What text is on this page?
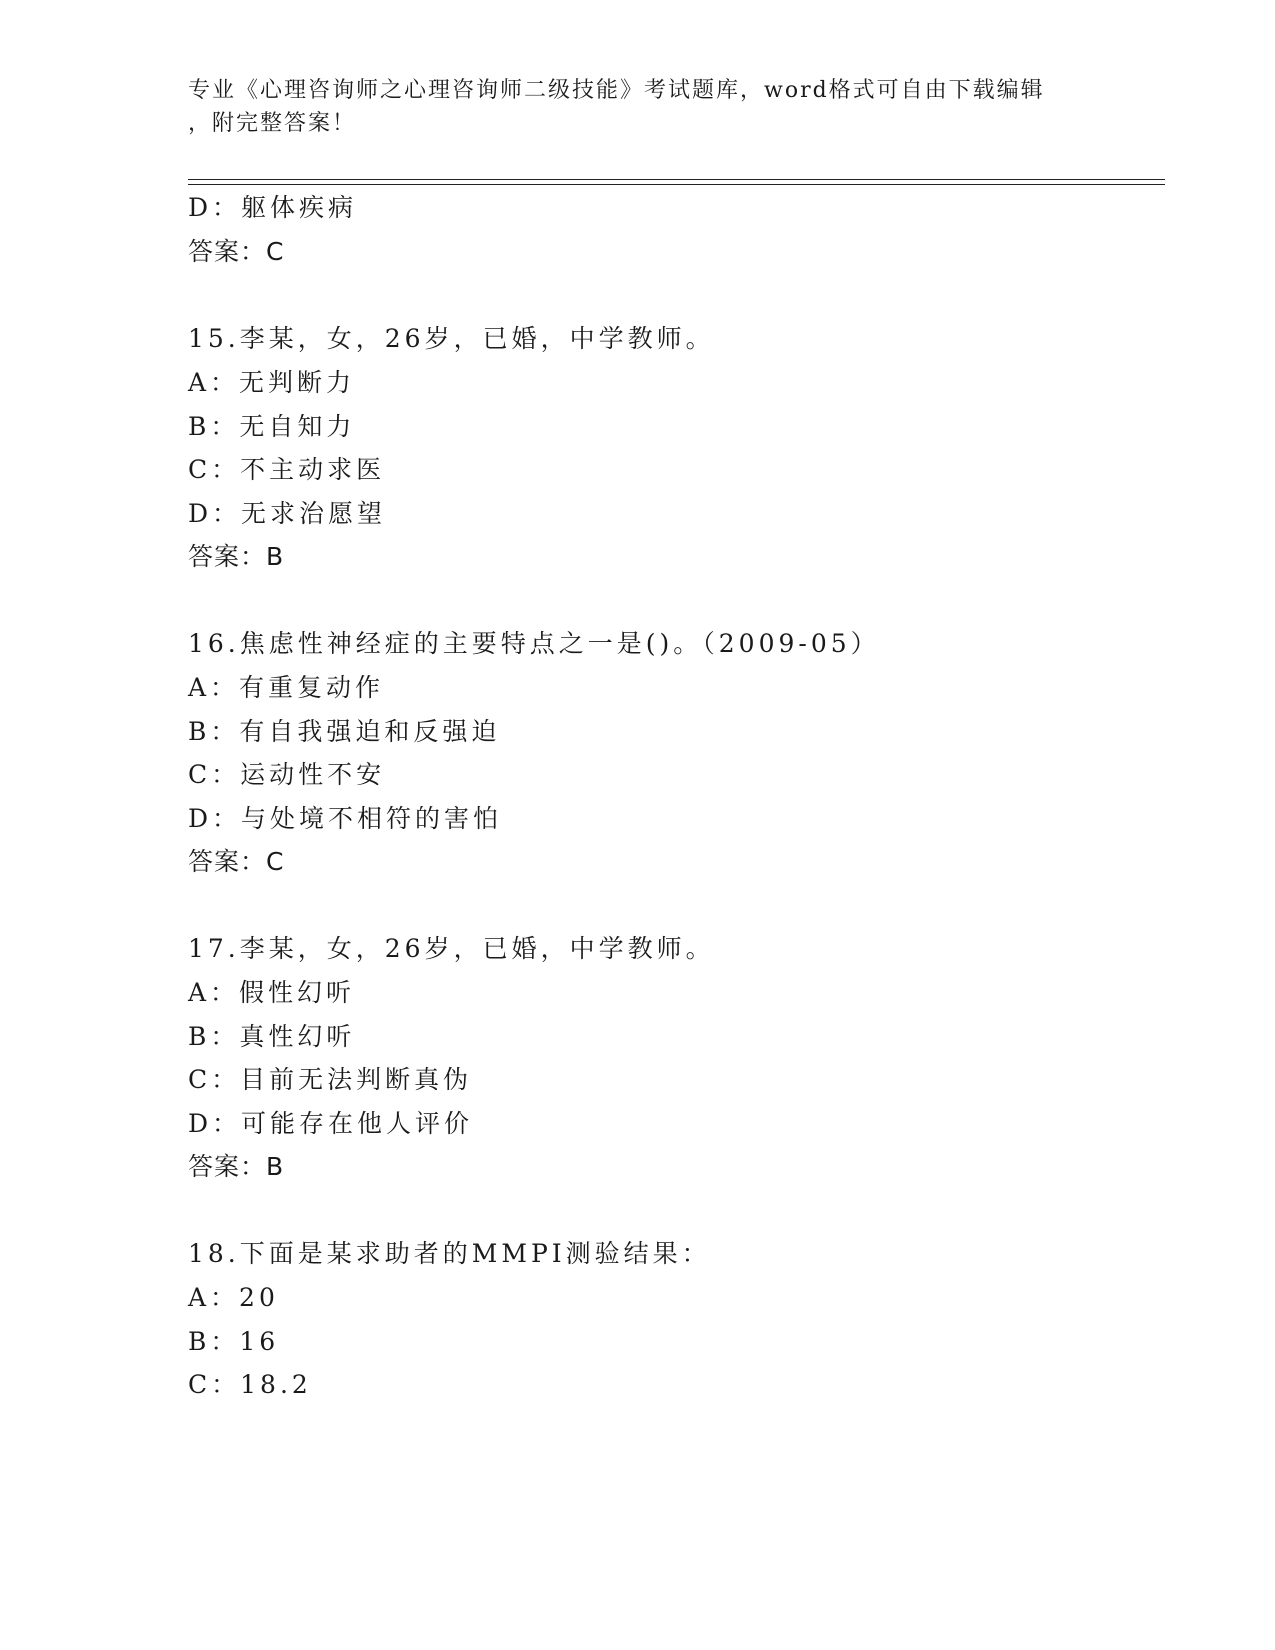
专业《心理咨询师之心理咨询师二级技能》考试题库，word格式可自由下载编辑
，附完整答案！
D：躯体疾病
答案：C
15.李某，女，26岁，已婚，中学教师。
A：无判断力
B：无自知力
C：不主动求医
D：无求治愿望
答案：B
16.焦虑性神经症的主要特点之一是()。（2009-05）
A：有重复动作
B：有自我强迫和反强迫
C：运动性不安
D：与处境不相符的害怕
答案：C
17.李某，女，26岁，已婚，中学教师。
A：假性幻听
B：真性幻听
C：目前无法判断真伪
D：可能存在他人评价
答案：B
18.下面是某求助者的MMPI测验结果：
A：20
B：16
C：18.2
